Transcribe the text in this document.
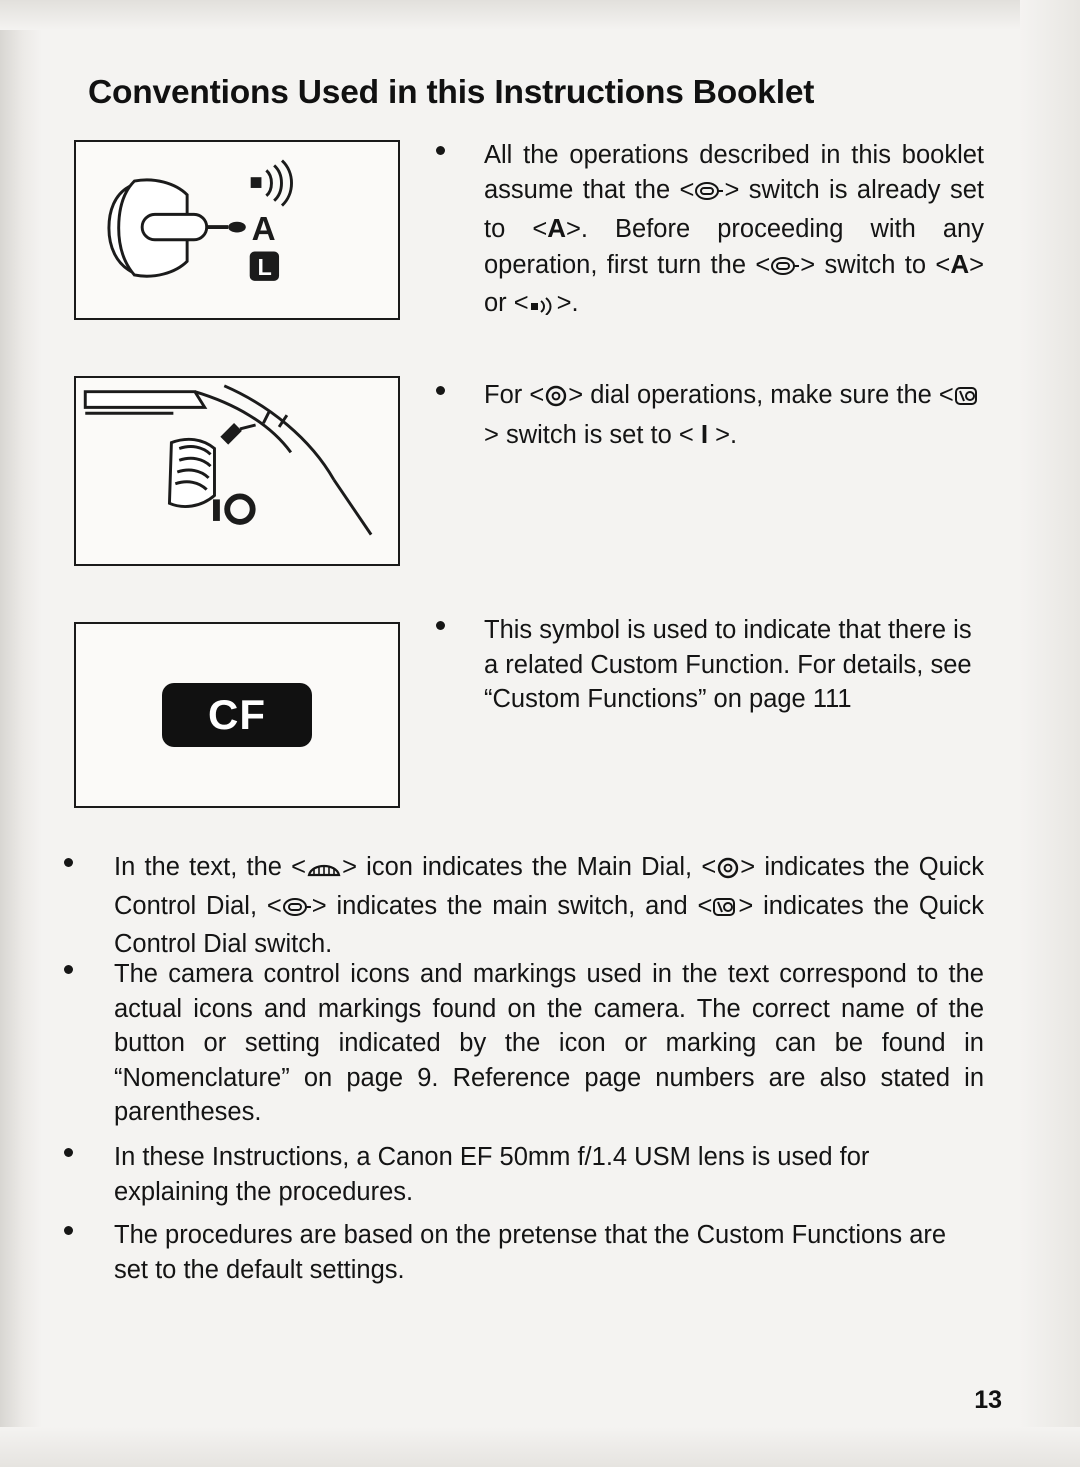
Conventions Used in this Instructions Booklet
A
L
CF
All the operations described in this booklet assume that the < > switch is already set to <A>. Before proceeding with any operation, first turn the < > switch to <A> or < >.
For < > dial operations, make sure the <> switch is set to < I >.
This symbol is used to indicate that there is a related Custom Function. For details, see “Custom Functions” on page 111
In the text, the < > icon indicates the Main Dial, < > indicates the Quick Control Dial, < > indicates the main switch, and < > indicates the Quick Control Dial switch.
The camera control icons and markings used in the text correspond to the actual icons and markings found on the camera. The correct name of the button or setting indicated by the icon or marking can be found in “Nomenclature” on page 9. Reference page numbers are also stated in parentheses.
In these Instructions, a Canon EF 50mm f/1.4 USM lens is used for explaining the procedures.
The procedures are based on the pretense that the Custom Functions are set to the default settings.
13
